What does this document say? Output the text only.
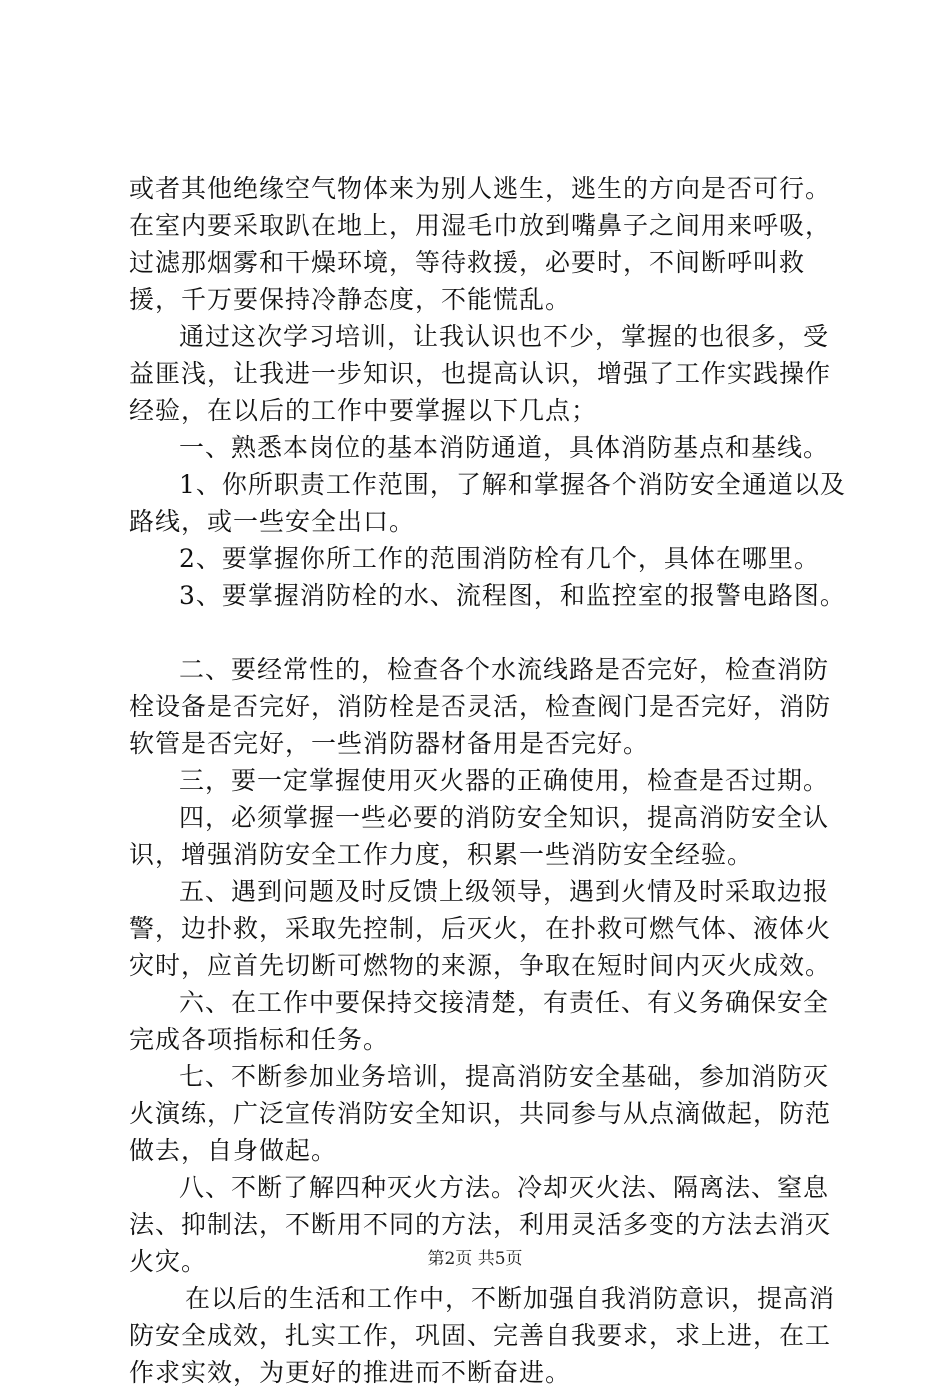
或者其他绝缘空气物体来为别人逃生，逃生的方向是否可行。在室内要采取趴在地上，用湿毛巾放到嘴鼻子之间用来呼吸，过滤那烟雾和干燥环境，等待救援，必要时，不间断呼叫救援，千万要保持冷静态度，不能慌乱。

通过这次学习培训，让我认识也不少，掌握的也很多，受益匪浅，让我进一步知识，也提高认识，增强了工作实践操作经验，在以后的工作中要掌握以下几点；

一、熟悉本岗位的基本消防通道，具体消防基点和基线。

1、你所职责工作范围，了解和掌握各个消防安全通道以及路线，或一些安全出口。

2、要掌握你所工作的范围消防栓有几个，具体在哪里。

3、要掌握消防栓的水、流程图，和监控室的报警电路图。

二、要经常性的，检查各个水流线路是否完好，检查消防栓设备是否完好，消防栓是否灵活，检查阀门是否完好，消防软管是否完好，一些消防器材备用是否完好。

三，要一定掌握使用灭火器的正确使用，检查是否过期。

四，必须掌握一些必要的消防安全知识，提高消防安全认识，增强消防安全工作力度，积累一些消防安全经验。

五、遇到问题及时反馈上级领导，遇到火情及时采取边报警，边扑救，采取先控制，后灭火，在扑救可燃气体、液体火灾时，应首先切断可燃物的来源，争取在短时间内灭火成效。

六、在工作中要保持交接清楚，有责任、有义务确保安全完成各项指标和任务。

七、不断参加业务培训，提高消防安全基础，参加消防灭火演练，广泛宣传消防安全知识，共同参与从点滴做起，防范做去，自身做起。

八、不断了解四种灭火方法。冷却灭火法、隔离法、窒息法、抑制法，不断用不同的方法，利用灵活多变的方法去消灭火灾。

在以后的生活和工作中，不断加强自我消防意识，提高消防安全成效，扎实工作，巩固、完善自我要求，求上进，在工作求实效，为更好的推进而不断奋进。

第2页 共5页
